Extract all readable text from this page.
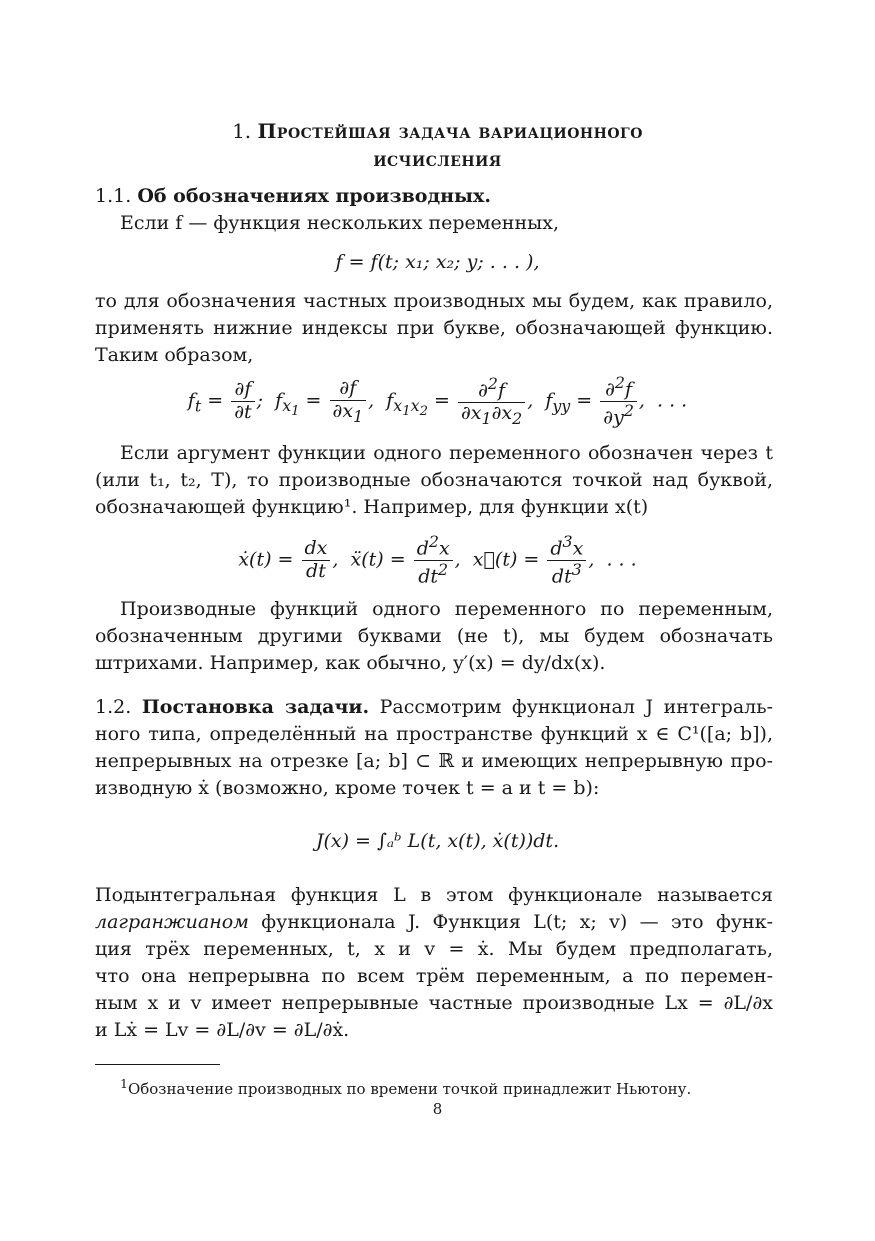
1. Простейшая задача вариационного
исчисления
1.1. Об обозначениях производных.
Если f — функция нескольких переменных,
f = f(t; x₁; x₂; y; . . . ),
то для обозначения частных производных мы будем, как правило,
применять нижние индексы при букве, обозначающей функцию.
Таким образом,
$f_t = \frac{\partial f}{\partial t}$ ;  $f_{x_1} = \frac{\partial f}{\partial x_1}$ ,  $f_{x_1x_2} = \frac{\partial^2f}{\partial x_1\partial x_2}$ ,  $f_{yy} = \frac{\partial^2f}{\partial y^2}$ ,  . . .
Если аргумент функции одного переменного обозначен через t
(или t₁, t₂, T), то производные обозначаются точкой над буквой,
обозначающей функцию¹. Например, для функции x(t)
ẋ(t) = $\frac{dx}{dt}$ ,  ẍ(t) = $\frac{d^2x}{dt^2}$ ,  x⃛(t) = $\frac{d^3x}{dt^3}$ ,  . . .
Производные функций одного переменного по переменным,
обозначенным другими буквами (не t), мы будем обозначать
штрихами. Например, как обычно, y′(x) = dy/dx(x).
1.2. Постановка задачи. Рассмотрим функционал J интеграль-
ного типа, определённый на пространстве функций x ∈ C¹([a; b]),
непрерывных на отрезке [a; b] ⊂ ℝ и имеющих непрерывную про-
изводную ẋ (возможно, кроме точек t = a и t = b):
J(x) = ∫ₐᵇ L(t, x(t), ẋ(t))dt.
Подынтегральная функция L в этом функционале называется
лагранжианом функционала J. Функция L(t; x; v) — это функ-
ция трёх переменных, t, x и v = ẋ. Мы будем предполагать,
что она непрерывна по всем трём переменным, а по перемен-
ным x и v имеет непрерывные частные производные Lx = ∂L/∂x
и Lẋ = Lv = ∂L/∂v = ∂L/∂ẋ.
$^1$Обозначение производных по времени точкой принадлежит Ньютону.
8
